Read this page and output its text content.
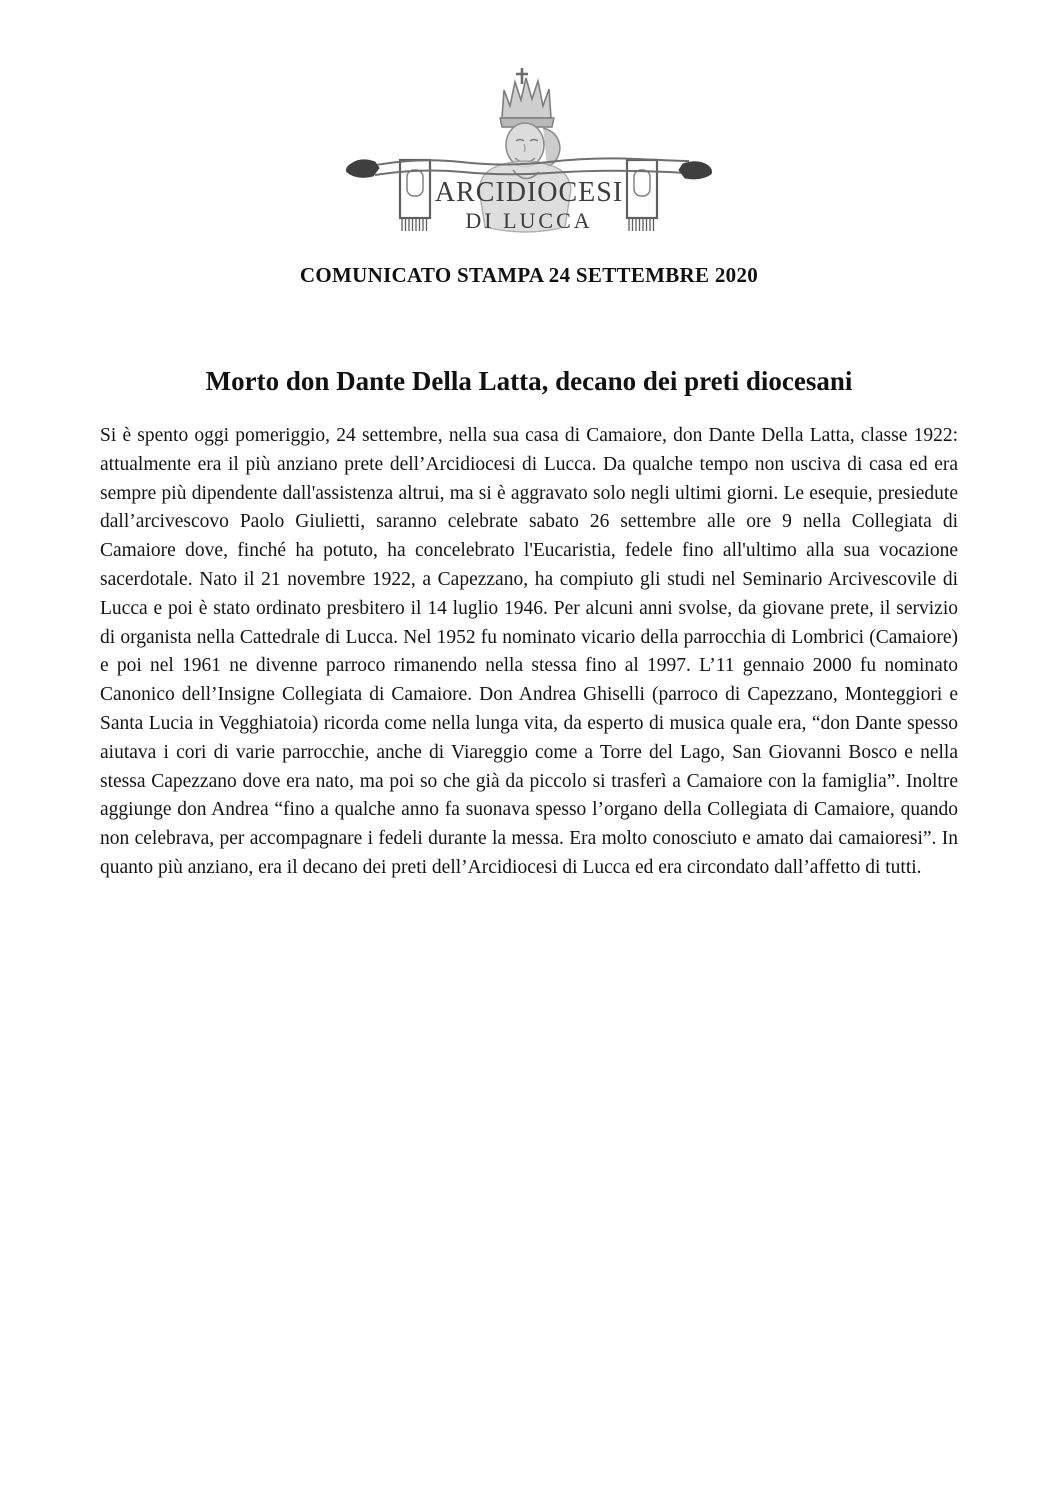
ARCIDIOCESI
DI LUCCA
COMUNICATO STAMPA 24 SETTEMBRE 2020
Morto don Dante Della Latta, decano dei preti diocesani

Si è spento oggi pomeriggio, 24 settembre, nella sua casa di Camaiore, don Dante Della Latta, classe 1922: attualmente era il più anziano prete dell’Arcidiocesi di Lucca. Da qualche tempo non usciva di casa ed era sempre più dipendente dall'assistenza altrui, ma si è aggravato solo negli ultimi giorni. Le esequie, presiedute dall’arcivescovo Paolo Giulietti, saranno celebrate sabato 26 settembre alle ore 9 nella Collegiata di Camaiore dove, finché ha potuto, ha concelebrato l'Eucaristia, fedele fino all'ultimo alla sua vocazione sacerdotale. Nato il 21 novembre 1922, a Capezzano, ha compiuto gli studi nel Seminario Arcivescovile di Lucca e poi è stato ordinato presbitero il 14 luglio 1946. Per alcuni anni svolse, da giovane prete, il servizio di organista nella Cattedrale di Lucca. Nel 1952 fu nominato vicario della parrocchia di Lombrici (Camaiore) e poi nel 1961 ne divenne parroco rimanendo nella stessa fino al 1997. L’11 gennaio 2000 fu nominato Canonico dell’Insigne Collegiata di Camaiore. Don Andrea Ghiselli (parroco di Capezzano, Monteggiori e Santa Lucia in Vegghiatoia) ricorda come nella lunga vita, da esperto di musica quale era, “don Dante spesso aiutava i cori di varie parrocchie, anche di Viareggio come a Torre del Lago, San Giovanni Bosco e nella stessa Capezzano dove era nato, ma poi so che già da piccolo si trasferì a Camaiore con la famiglia”. Inoltre aggiunge don Andrea “fino a qualche anno fa suonava spesso l’organo della Collegiata di Camaiore, quando non celebrava, per accompagnare i fedeli durante la messa. Era molto conosciuto e amato dai camaioresi”. In quanto più anziano, era il decano dei preti dell’Arcidiocesi di Lucca ed era circondato dall’affetto di tutti.
